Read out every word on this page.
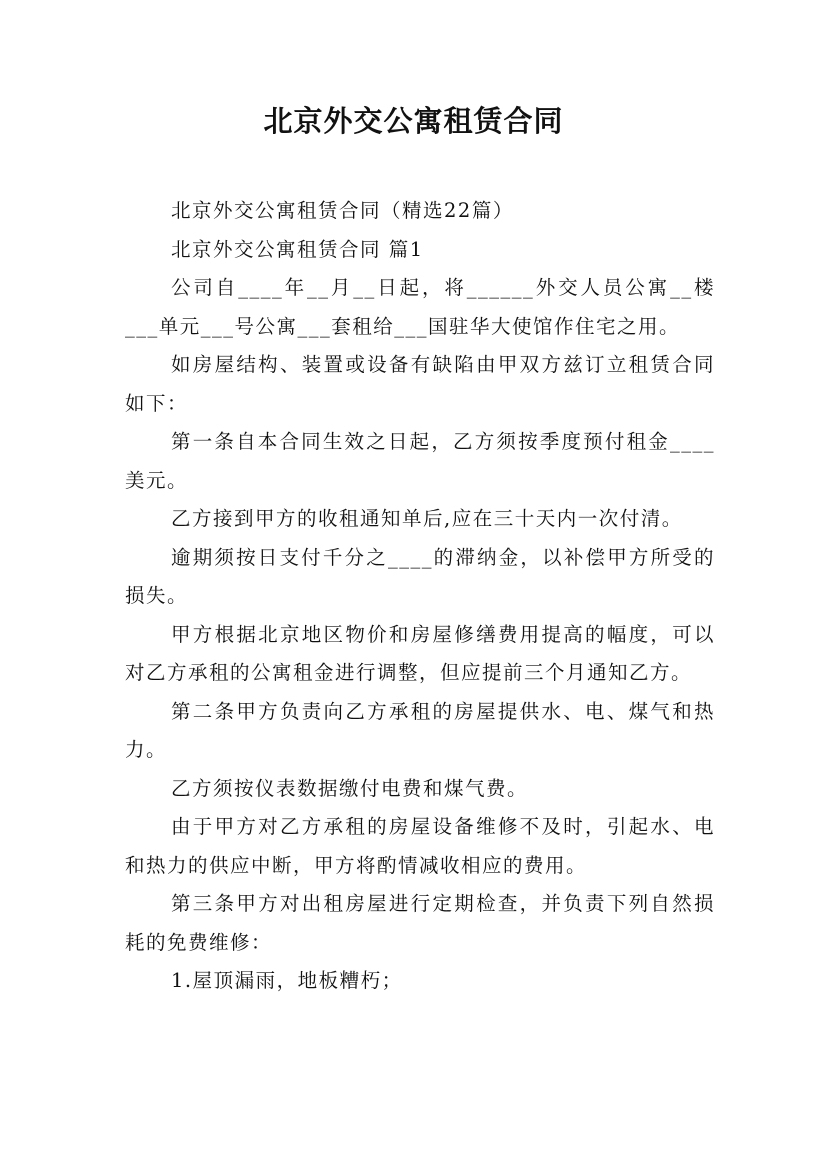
北京外交公寓租赁合同

北京外交公寓租赁合同（精选22篇）

北京外交公寓租赁合同 篇1

公司自____年__月__日起，将______外交人员公寓__楼___单元___号公寓___套租给___国驻华大使馆作住宅之用。

如房屋结构、装置或设备有缺陷由甲双方兹订立租赁合同如下：

第一条自本合同生效之日起，乙方须按季度预付租金____美元。

乙方接到甲方的收租通知单后,应在三十天内一次付清。

逾期须按日支付千分之____的滞纳金，以补偿甲方所受的损失。

甲方根据北京地区物价和房屋修缮费用提高的幅度，可以对乙方承租的公寓租金进行调整，但应提前三个月通知乙方。

第二条甲方负责向乙方承租的房屋提供水、电、煤气和热力。

乙方须按仪表数据缴付电费和煤气费。

由于甲方对乙方承租的房屋设备维修不及时，引起水、电和热力的供应中断，甲方将酌情减收相应的费用。

第三条甲方对出租房屋进行定期检查，并负责下列自然损耗的免费维修：

1.屋顶漏雨，地板糟朽；
